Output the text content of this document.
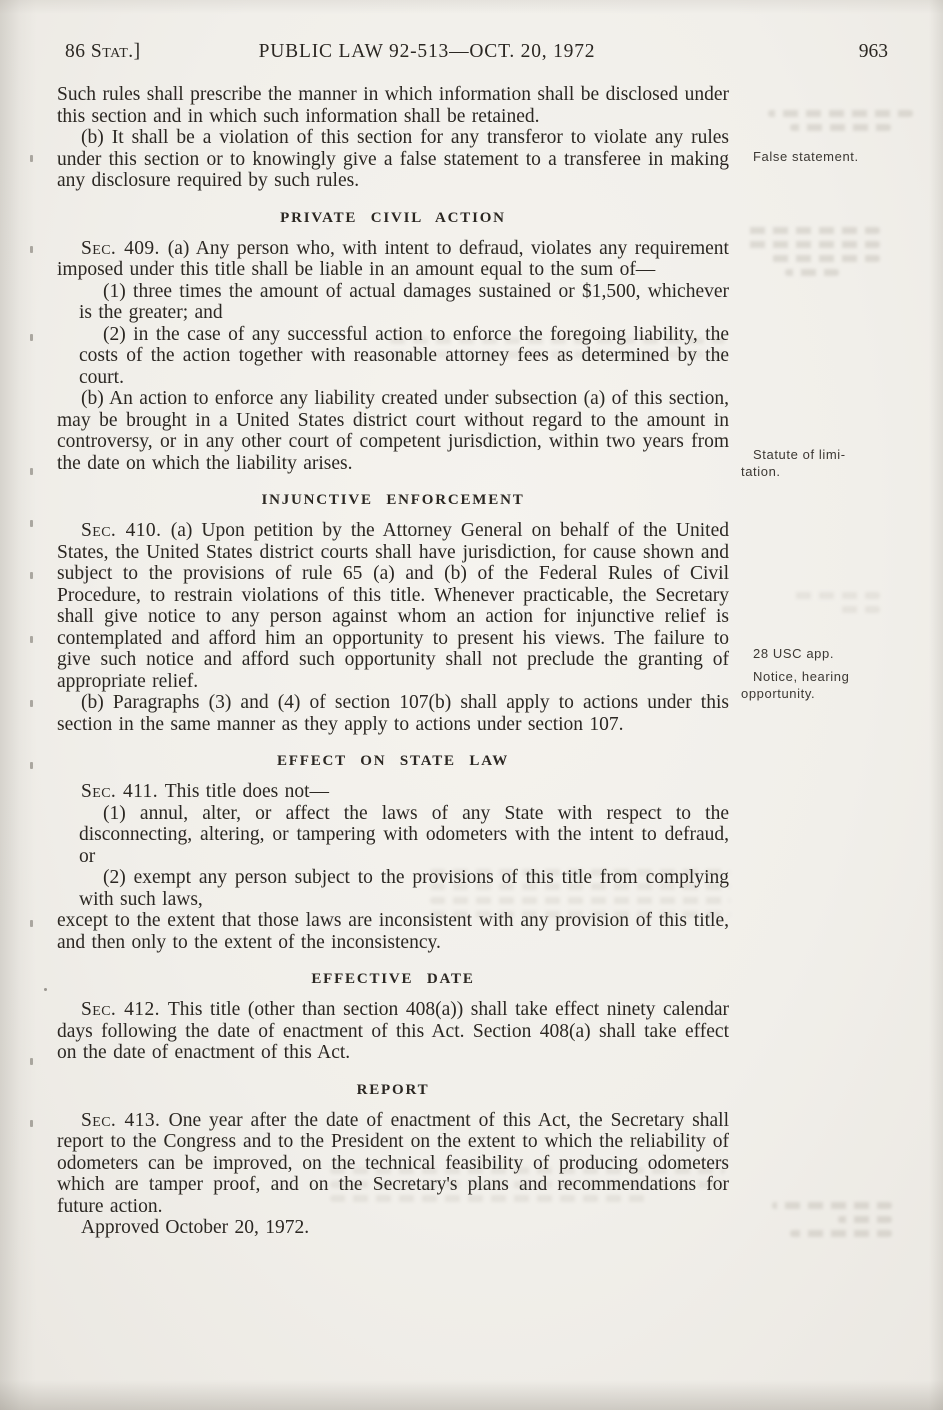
86 Stat.]	PUBLIC LAW 92-513—OCT. 20, 1972	963

Such rules shall prescribe the manner in which information shall be disclosed under this section and in which such information shall be retained.

(b) It shall be a violation of this section for any transferor to violate any rules under this section or to knowingly give a false statement to a transferee in making any disclosure required by such rules.

PRIVATE CIVIL ACTION

Sec. 409. (a) Any person who, with intent to defraud, violates any requirement imposed under this title shall be liable in an amount equal to the sum of—

(1) three times the amount of actual damages sustained or $1,500, whichever is the greater; and

(2) in the case of any successful action to enforce the foregoing liability, the costs of the action together with reasonable attorney fees as determined by the court.

(b) An action to enforce any liability created under subsection (a) of this section, may be brought in a United States district court without regard to the amount in controversy, or in any other court of competent jurisdiction, within two years from the date on which the liability arises.

INJUNCTIVE ENFORCEMENT

Sec. 410. (a) Upon petition by the Attorney General on behalf of the United States, the United States district courts shall have jurisdiction, for cause shown and subject to the provisions of rule 65 (a) and (b) of the Federal Rules of Civil Procedure, to restrain violations of this title. Whenever practicable, the Secretary shall give notice to any person against whom an action for injunctive relief is contemplated and afford him an opportunity to present his views. The failure to give such notice and afford such opportunity shall not preclude the granting of appropriate relief.

(b) Paragraphs (3) and (4) of section 107(b) shall apply to actions under this section in the same manner as they apply to actions under section 107.

EFFECT ON STATE LAW

Sec. 411. This title does not—

(1) annul, alter, or affect the laws of any State with respect to the disconnecting, altering, or tampering with odometers with the intent to defraud, or

(2) exempt any person subject to the provisions of this title from complying with such laws,

except to the extent that those laws are inconsistent with any provision of this title, and then only to the extent of the inconsistency.

EFFECTIVE DATE

Sec. 412. This title (other than section 408(a)) shall take effect ninety calendar days following the date of enactment of this Act. Section 408(a) shall take effect on the date of enactment of this Act.

REPORT

Sec. 413. One year after the date of enactment of this Act, the Secretary shall report to the Congress and to the President on the extent to which the reliability of odometers can be improved, on the technical feasibility of producing odometers which are tamper proof, and on the Secretary's plans and recommendations for future action.

Approved October 20, 1972.

False statement.
Statute of limi-
tation.
28 USC app.
Notice, hearing
opportunity.
